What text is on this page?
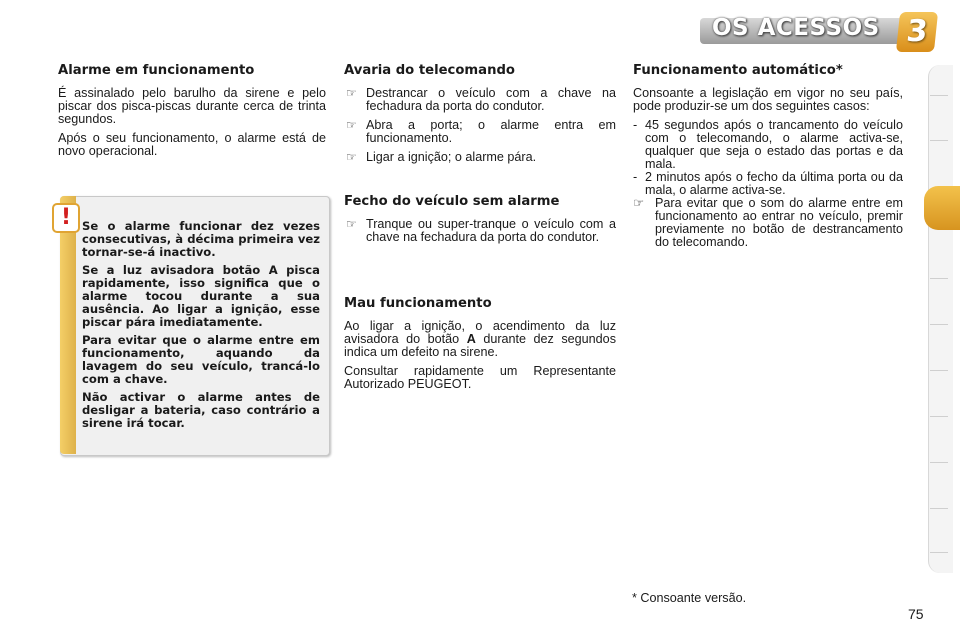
OS ACESSOS 3
Alarme em funcionamento

É assinalado pelo barulho da sirene e pelo piscar dos pisca-piscas durante cerca de trinta segundos.

Após o seu funcionamento, o alarme está de novo operacional.

! Se o alarme funcionar dez vezes consecutivas, à décima primeira vez tornar-se-á inactivo.

Se a luz avisadora botão A pisca rapidamente, isso significa que o alarme tocou durante a sua ausência. Ao ligar a ignição, esse piscar pára imediatamente.

Para evitar que o alarme entre em funcionamento, aquando da lavagem do seu veículo, trancá-lo com a chave.

Não activar o alarme antes de desligar a bateria, caso contrário a sirene irá tocar.

Avaria do telecomando
☞ Destrancar o veículo com a chave na fechadura da porta do condutor.
☞ Abra a porta; o alarme entra em funcionamento.
☞ Ligar a ignição; o alarme pára.
Fecho do veículo sem alarme
☞ Tranque ou super-tranque o veículo com a chave na fechadura da porta do condutor.
Mau funcionamento

Ao ligar a ignição, o acendimento da luz avisadora do botão A durante dez segundos indica um defeito na sirene.

Consultar rapidamente um Representante Autorizado PEUGEOT.

Funcionamento automático*

Consoante a legislação em vigor no seu país, pode produzir-se um dos seguintes casos:

- 45 segundos após o trancamento do veículo com o telecomando, o alarme activa-se, qualquer que seja o estado das portas e da mala.
- 2 minutos após o fecho da última porta ou da mala, o alarme activa-se.
☞ Para evitar que o som do alarme entre em funcionamento ao entrar no veículo, premir previamente no botão de destrancamento do telecomando.
* Consoante versão.
75
